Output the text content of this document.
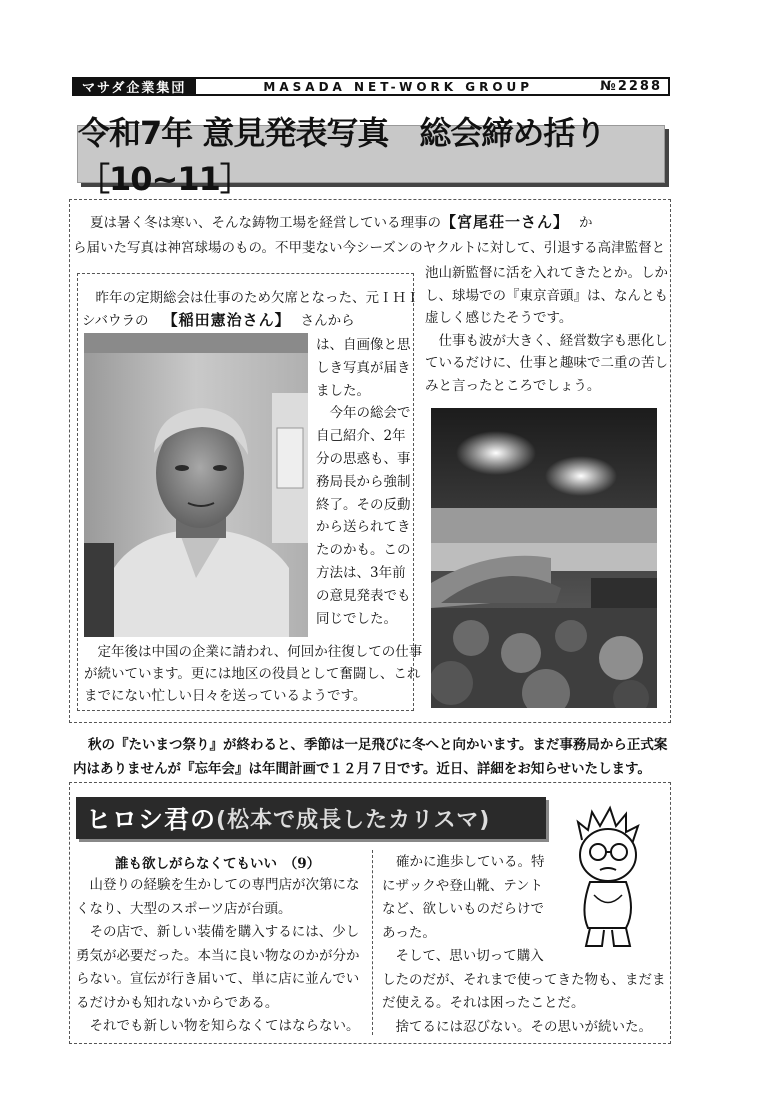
マサダ企業集団	MASADA NET-WORK GROUP	№2288
令和7年 意見発表写真　総会締め括り［10~11］
夏は暑く冬は寒い、そんな鋳物工場を経営している理事の【宮尾荘一さん】 か
ら届いた写真は神宮球場のもの。不甲斐ない今シーズンのヤクルトに対して、引退する高津監督と
池山新監督に活を入れてきたとか。しか
し、球場での『東京音頭』は、なんとも
虚しく感じたそうです。
　仕事も波が大きく、経営数字も悪化し
ているだけに、仕事と趣味で二重の苦し
みと言ったところでしょう。
　昨年の定期総会は仕事のため欠席となった、元ＩＨＩ
シバウラの 【稲田憲治さん】 さんから
は、自画像と思
しき写真が届き
ました。
　今年の総会で
自己紹介、2年
分の思惑も、事
務局長から強制
終了。その反動
から送られてき
たのかも。この
方法は、3年前
の意見発表でも
同じでした。
　定年後は中国の企業に請われ、何回か往復しての仕事
が続いています。更には地区の役員として奮闘し、これ
までにない忙しい日々を送っているようです。
秋の『たいまつ祭り』が終わると、季節は一足飛びに冬へと向かいます。まだ事務局から正式案
内はありませんが『忘年会』は年間計画で１２月７日です。近日、詳細をお知らせいたします。
ヒロシ君の (松本で成長したカリスマ)
誰も欲しがらなくてもいい　（9）
　山登りの経験を生かしての専門店が次第にな
くなり、大型のスポーツ店が台頭。
　その店で、新しい装備を購入するには、少し
勇気が必要だった。本当に良い物なのかが分か
らない。宣伝が行き届いて、単に店に並んでい
るだけかも知れないからである。
　それでも新しい物を知らなくてはならない。
確かに進歩している。特
にザックや登山靴、テント
など、欲しいものだらけで
あった。
　そして、思い切って購入
したのだが、それまで使ってきた物も、まだま
だ使える。それは困ったことだ。
　捨てるには忍びない。その思いが続いた。
